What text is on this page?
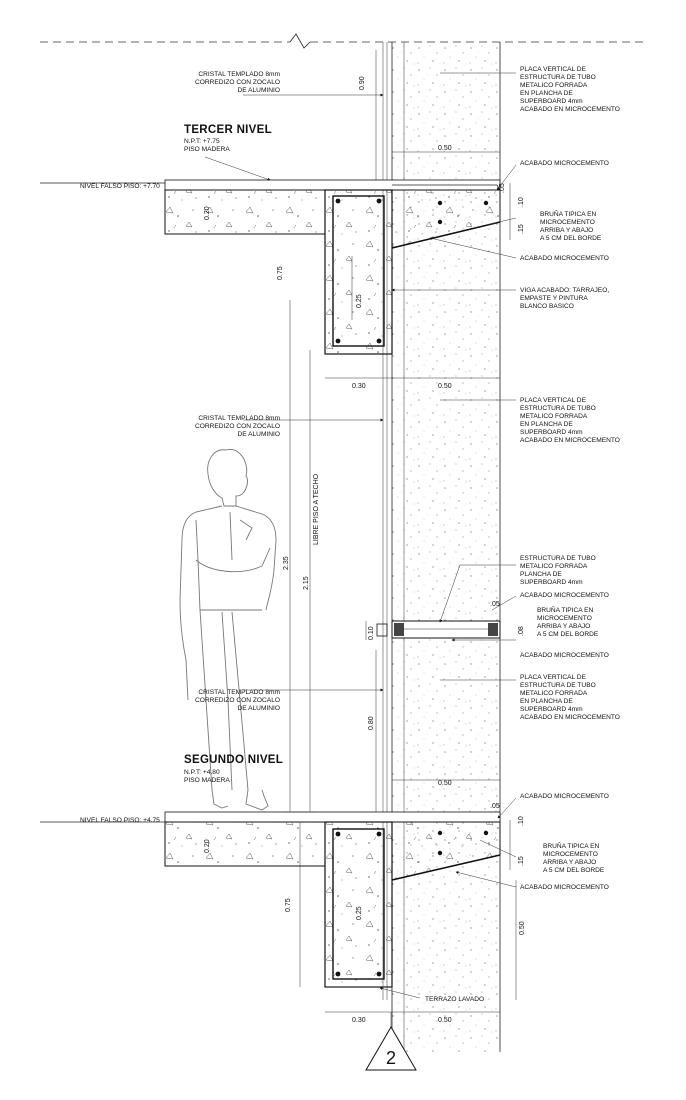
CRISTAL TEMPLADO 8mm
CORREDIZO CON ZOCALO
DE ALUMINIO
PLACA VERTICAL DE
ESTRUCTURA DE TUBO
METALICO FORRADA
EN PLANCHA DE
SUPERBOARD 4mm
ACABADO EN MICROCEMENTO
TERCER NIVEL
N.P.T: +7.75
PISO MADERA
NIVEL FALSO PISO: +7.70
ACABADO MICROCEMENTO
BRUÑA TIPICA EN
MICROCEMENTO
ARRIBA Y ABAJO
A 5 CM DEL BORDE
ACABADO MICROCEMENTO
VIGA ACABADO: TARRAJEO,
EMPASTE Y PINTURA
BLANCO BASICO
CRISTAL TEMPLADO 8mm
CORREDIZO CON ZOCALO
DE ALUMINIO
PLACA VERTICAL DE
ESTRUCTURA DE TUBO
METALICO FORRADA
EN PLANCHA DE
SUPERBOARD 4mm
ACABADO EN MICROCEMENTO
ESTRUCTURA DE TUBO
METALICO FORRADA
PLANCHA DE
SUPERBOARD 4mm
ACABADO MICROCEMENTO
BRUÑA TIPICA EN
MICROCEMENTO
ARRIBA Y ABAJO
A 5 CM DEL BORDE
ACABADO MICROCEMENTO
CRISTAL TEMPLADO 8mm
CORREDIZO CON ZOCALO
DE ALUMINIO
PLACA VERTICAL DE
ESTRUCTURA DE TUBO
METALICO FORRADA
EN PLANCHA DE
SUPERBOARD 4mm
ACABADO EN MICROCEMENTO
SEGUNDO NIVEL
N.P.T: +4.80
PISO MADERA
NIVEL FALSO PISO: +4.75
ACABADO MICROCEMENTO
BRUÑA TIPICA EN
MICROCEMENTO
ARRIBA Y ABAJO
A 5 CM DEL BORDE
ACABADO MICROCEMENTO
TERRAZO LAVADO
0.90
0.50
.05
.10
.15
0.20
0.25
0.75
0.30	0.50
LIBRE PISO A TECHO
2.35
2.15
.05
.08
0.10
0.80
0.50
.05
.10
.15
0.20
0.25
0.75
0.50
0.30	0.50
2
